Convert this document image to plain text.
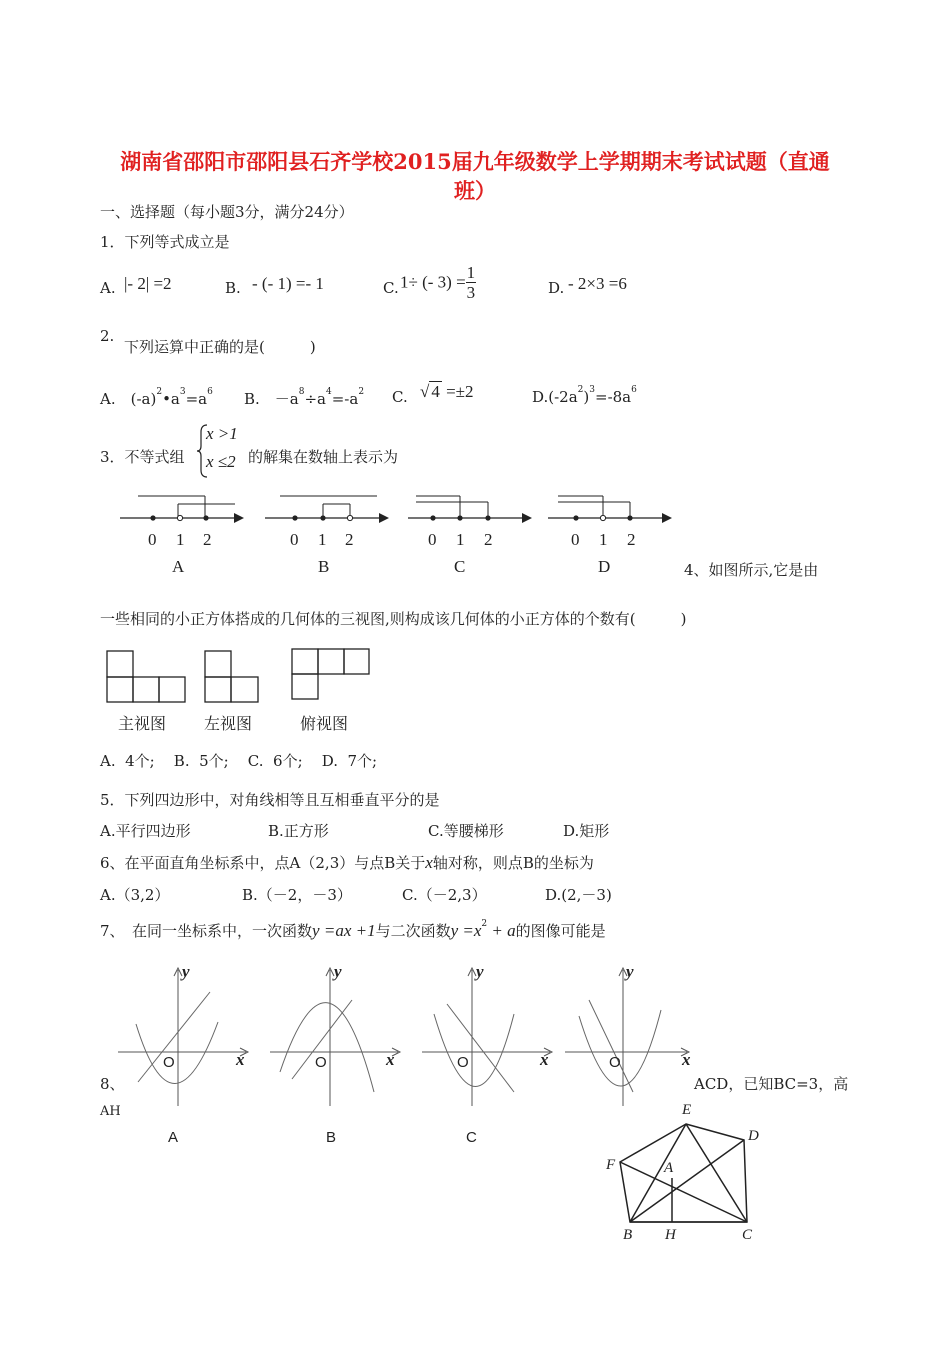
湖南省邵阳市邵阳县石齐学校2015届九年级数学上学期期末考试试题（直通
班）
一、选择题（每小题3分，满分24分）
1．下列等式成立是
A. |- 2| =2	B. - (- 1) =- 1	C. 1÷ (- $3) = \frac{1}{3}$	D. - 2×3 =6
2.
下列运算中正确的是(　　　)
A.　$(-a)^2•a^3=a^6$ B.　$-a^8\div a^4=-a^2$ C. √ 4 =±2	$D.(-2a^2)^3=-8a^6$
3．不等式组
x >1
x ≤2 的解集在数轴上表示为
0 1 2	0 1 2	0 1 2	0 1 2
A	B	C	D	4、如图所示,它是由
一些相同的小正方体搭成的几何体的三视图,则构成该几何体的小正方体的个数有(　　　)
主视图 左视图	俯视图
A.  4个;    B.  5个;    C.  6个;    D.  7个;
5．下列四边形中，对角线相等且互相垂直平分的是
A.平行四边形	B.正方形	C.等腰梯形	D.矩形
6、在平面直角坐标系中，点A（2,3）与点B关于x轴对称，则点B的坐标为
A.（3,2）	B.（－2，－3）	C.（－2,3）	D.(2,－3)
7、　在同一坐标系中，一次函数y =ax +1与二次函数$y =x^2 + a$的图像可能是
y
x
O
y
x
O
y
x
O
y
x
O
A	B	C
8、	ACD，已知BC=3，高
AH	E
D
F	A
B H	C
